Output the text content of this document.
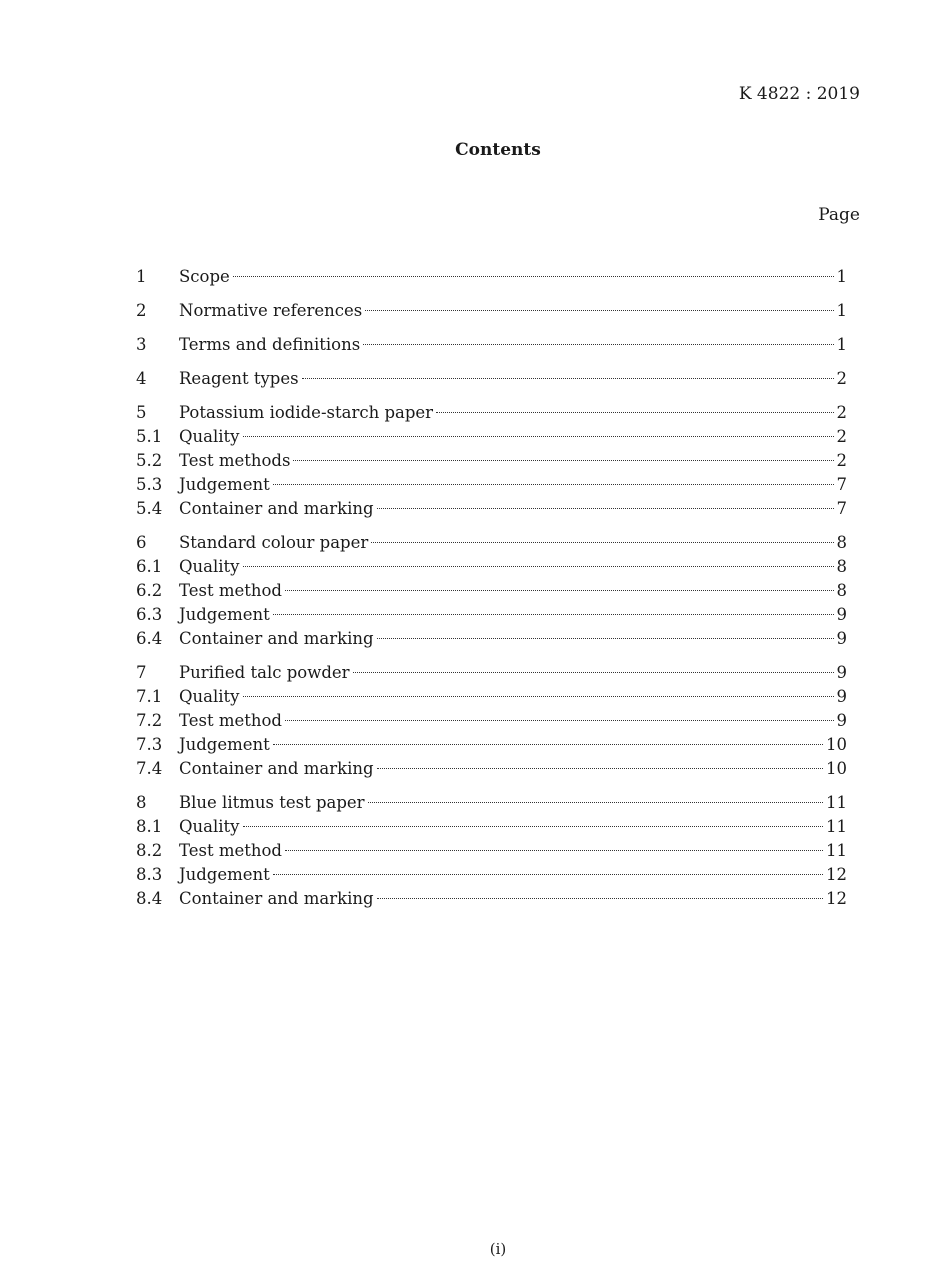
K 4822 : 2019
Contents
Page
1	Scope	1
2	Normative references	1
3	Terms and definitions	1
4	Reagent types	2
5	Potassium iodide-starch paper	2
5.1	Quality	2
5.2	Test methods	2
5.3	Judgement	7
5.4	Container and marking	7
6	Standard colour paper	8
6.1	Quality	8
6.2	Test method	8
6.3	Judgement	9
6.4	Container and marking	9
7	Purified talc powder	9
7.1	Quality	9
7.2	Test method	9
7.3	Judgement	10
7.4	Container and marking	10
8	Blue litmus test paper	11
8.1	Quality	11
8.2	Test method	11
8.3	Judgement	12
8.4	Container and marking	12
(i)
